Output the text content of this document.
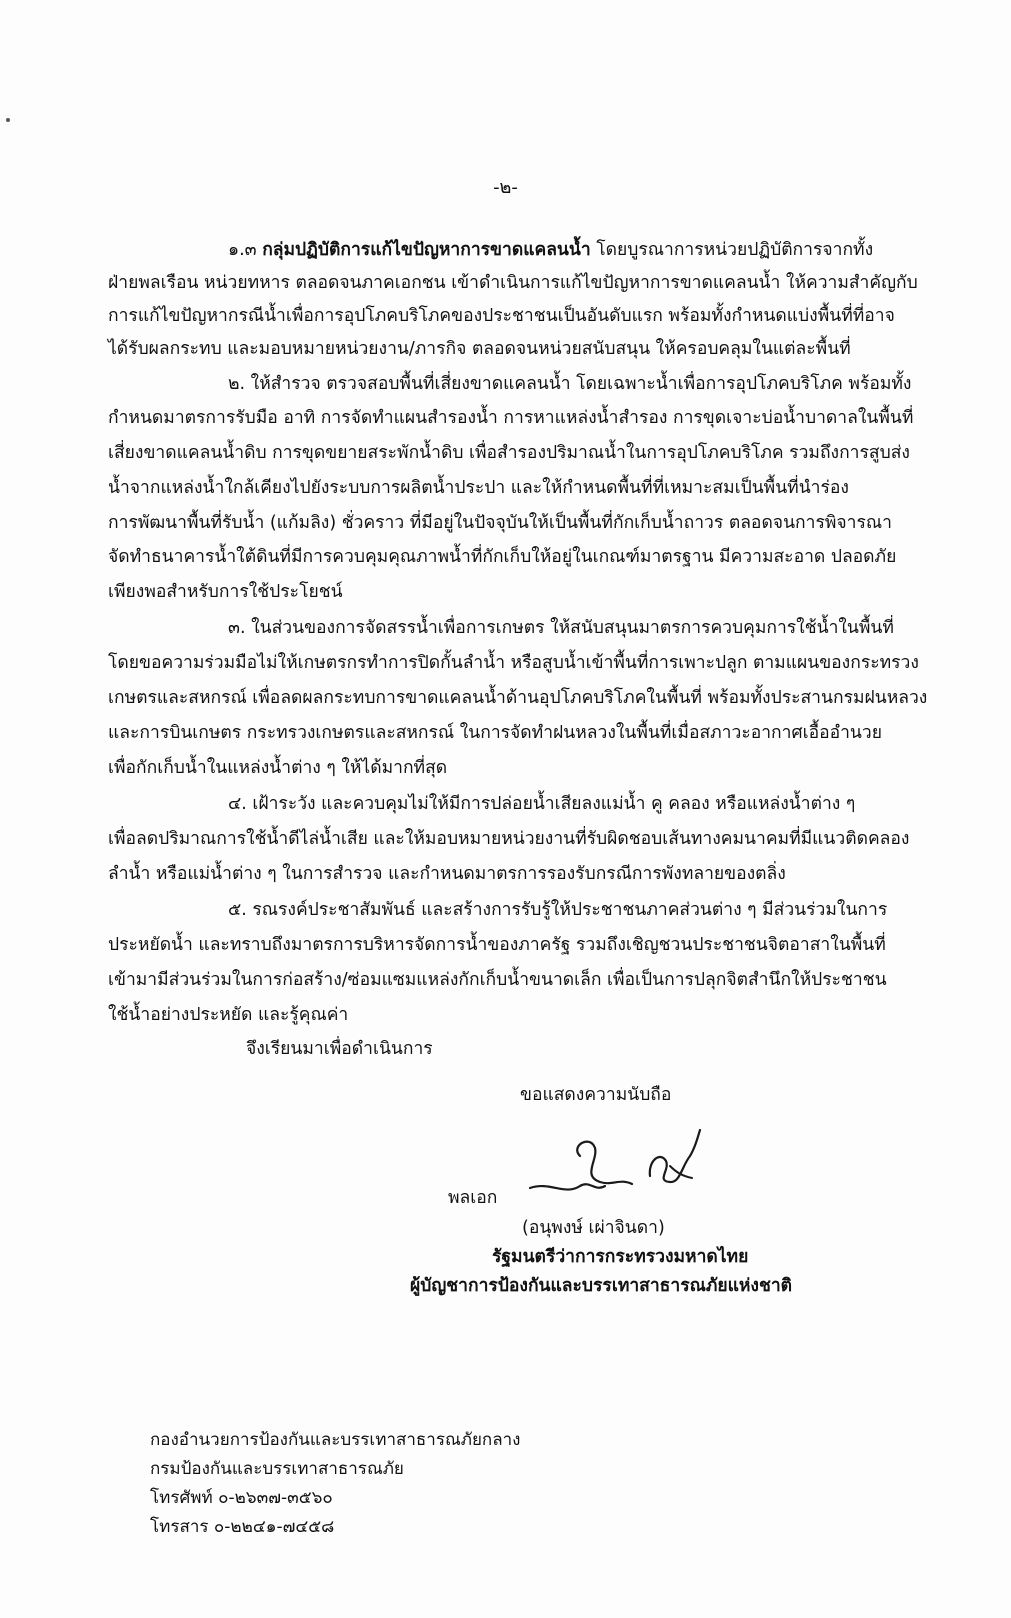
-๒-
๑.๓ กลุ่มปฏิบัติการแก้ไขปัญหาการขาดแคลนน้ำ โดยบูรณาการหน่วยปฏิบัติการจากทั้ง
ฝ่ายพลเรือน หน่วยทหาร ตลอดจนภาคเอกชน เข้าดำเนินการแก้ไขปัญหาการขาดแคลนน้ำ ให้ความสำคัญกับ
การแก้ไขปัญหากรณีน้ำเพื่อการอุปโภคบริโภคของประชาชนเป็นอันดับแรก พร้อมทั้งกำหนดแบ่งพื้นที่ที่อาจ
ได้รับผลกระทบ และมอบหมายหน่วยงาน/ภารกิจ ตลอดจนหน่วยสนับสนุน ให้ครอบคลุมในแต่ละพื้นที่
๒. ให้สำรวจ ตรวจสอบพื้นที่เสี่ยงขาดแคลนน้ำ โดยเฉพาะน้ำเพื่อการอุปโภคบริโภค พร้อมทั้ง
กำหนดมาตรการรับมือ อาทิ การจัดทำแผนสำรองน้ำ การหาแหล่งน้ำสำรอง การขุดเจาะบ่อน้ำบาดาลในพื้นที่
เสี่ยงขาดแคลนน้ำดิบ การขุดขยายสระพักน้ำดิบ เพื่อสำรองปริมาณน้ำในการอุปโภคบริโภค รวมถึงการสูบส่ง
น้ำจากแหล่งน้ำใกล้เคียงไปยังระบบการผลิตน้ำประปา และให้กำหนดพื้นที่ที่เหมาะสมเป็นพื้นที่นำร่อง
การพัฒนาพื้นที่รับน้ำ (แก้มลิง) ชั่วคราว ที่มีอยู่ในปัจจุบันให้เป็นพื้นที่กักเก็บน้ำถาวร ตลอดจนการพิจารณา
จัดทำธนาคารน้ำใต้ดินที่มีการควบคุมคุณภาพน้ำที่กักเก็บให้อยู่ในเกณฑ์มาตรฐาน มีความสะอาด ปลอดภัย
เพียงพอสำหรับการใช้ประโยชน์
๓. ในส่วนของการจัดสรรน้ำเพื่อการเกษตร ให้สนับสนุนมาตรการควบคุมการใช้น้ำในพื้นที่
โดยขอความร่วมมือไม่ให้เกษตรกรทำการปิดกั้นลำน้ำ หรือสูบน้ำเข้าพื้นที่การเพาะปลูก ตามแผนของกระทรวง
เกษตรและสหกรณ์ เพื่อลดผลกระทบการขาดแคลนน้ำด้านอุปโภคบริโภคในพื้นที่ พร้อมทั้งประสานกรมฝนหลวง
และการบินเกษตร กระทรวงเกษตรและสหกรณ์ ในการจัดทำฝนหลวงในพื้นที่เมื่อสภาวะอากาศเอื้ออำนวย
เพื่อกักเก็บน้ำในแหล่งน้ำต่าง ๆ ให้ได้มากที่สุด
๔. เฝ้าระวัง และควบคุมไม่ให้มีการปล่อยน้ำเสียลงแม่น้ำ คู คลอง หรือแหล่งน้ำต่าง ๆ
เพื่อลดปริมาณการใช้น้ำดีไล่น้ำเสีย และให้มอบหมายหน่วยงานที่รับผิดชอบเส้นทางคมนาคมที่มีแนวติดคลอง
ลำน้ำ หรือแม่น้ำต่าง ๆ ในการสำรวจ และกำหนดมาตรการรองรับกรณีการพังทลายของตลิ่ง
๕. รณรงค์ประชาสัมพันธ์ และสร้างการรับรู้ให้ประชาชนภาคส่วนต่าง ๆ มีส่วนร่วมในการ
ประหยัดน้ำ และทราบถึงมาตรการบริหารจัดการน้ำของภาครัฐ รวมถึงเชิญชวนประชาชนจิตอาสาในพื้นที่
เข้ามามีส่วนร่วมในการก่อสร้าง/ซ่อมแซมแหล่งกักเก็บน้ำขนาดเล็ก เพื่อเป็นการปลุกจิตสำนึกให้ประชาชน
ใช้น้ำอย่างประหยัด และรู้คุณค่า
จึงเรียนมาเพื่อดำเนินการ
ขอแสดงความนับถือ
พลเอก
(อนุพงษ์ เผ่าจินดา)
รัฐมนตรีว่าการกระทรวงมหาดไทย
ผู้บัญชาการป้องกันและบรรเทาสาธารณภัยแห่งชาติ
กองอำนวยการป้องกันและบรรเทาสาธารณภัยกลาง
กรมป้องกันและบรรเทาสาธารณภัย
โทรศัพท์ ๐-๒๖๓๗-๓๕๖๐
โทรสาร ๐-๒๒๔๑-๗๔๕๘
